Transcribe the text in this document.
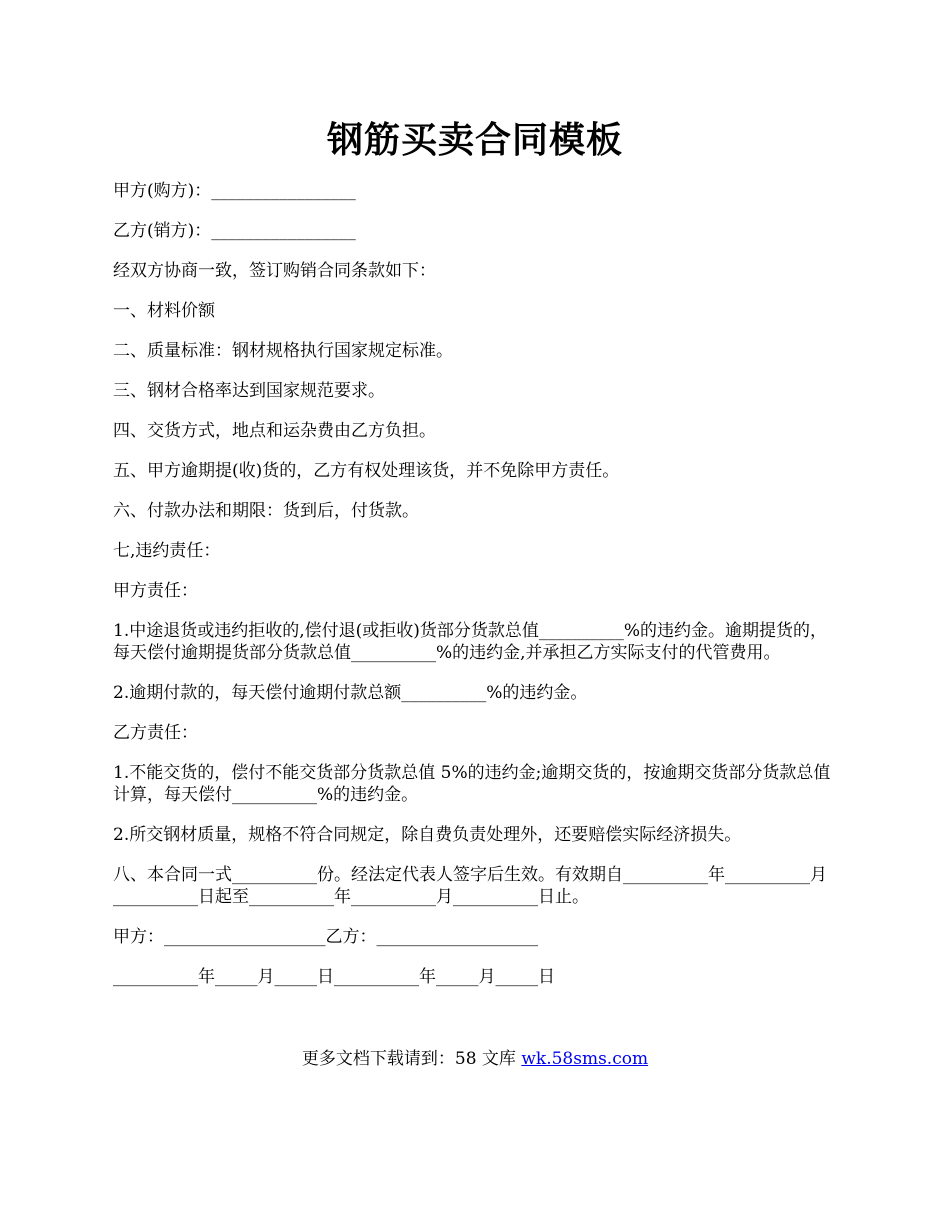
钢筋买卖合同模板

甲方(购方)：_________________

乙方(销方)：_________________

经双方协商一致，签订购销合同条款如下：

一、材料价额

二、质量标准：钢材规格执行国家规定标准。

三、钢材合格率达到国家规范要求。

四、交货方式，地点和运杂费由乙方负担。

五、甲方逾期提(收)货的，乙方有权处理该货，并不免除甲方责任。

六、付款办法和期限：货到后，付货款。

七,违约责任：

甲方责任：

1.中途退货或违约拒收的,偿付退(或拒收)货部分货款总值__________%的违约金。逾期提货的，每天偿付逾期提货部分货款总值__________%的违约金,并承担乙方实际支付的代管费用。

2.逾期付款的，每天偿付逾期付款总额__________%的违约金。

乙方责任：

1.不能交货的，偿付不能交货部分货款总值 5%的违约金;逾期交货的，按逾期交货部分货款总值计算，每天偿付__________%的违约金。

2.所交钢材质量，规格不符合同规定，除自费负责处理外，还要赔偿实际经济损失。

八、本合同一式__________份。经法定代表人签字后生效。有效期自__________年__________月__________日起至__________年__________月__________日止。

甲方：___________________乙方：___________________

__________年_____月_____日__________年_____月_____日

更多文档下载请到：58 文库 wk.58sms.com
